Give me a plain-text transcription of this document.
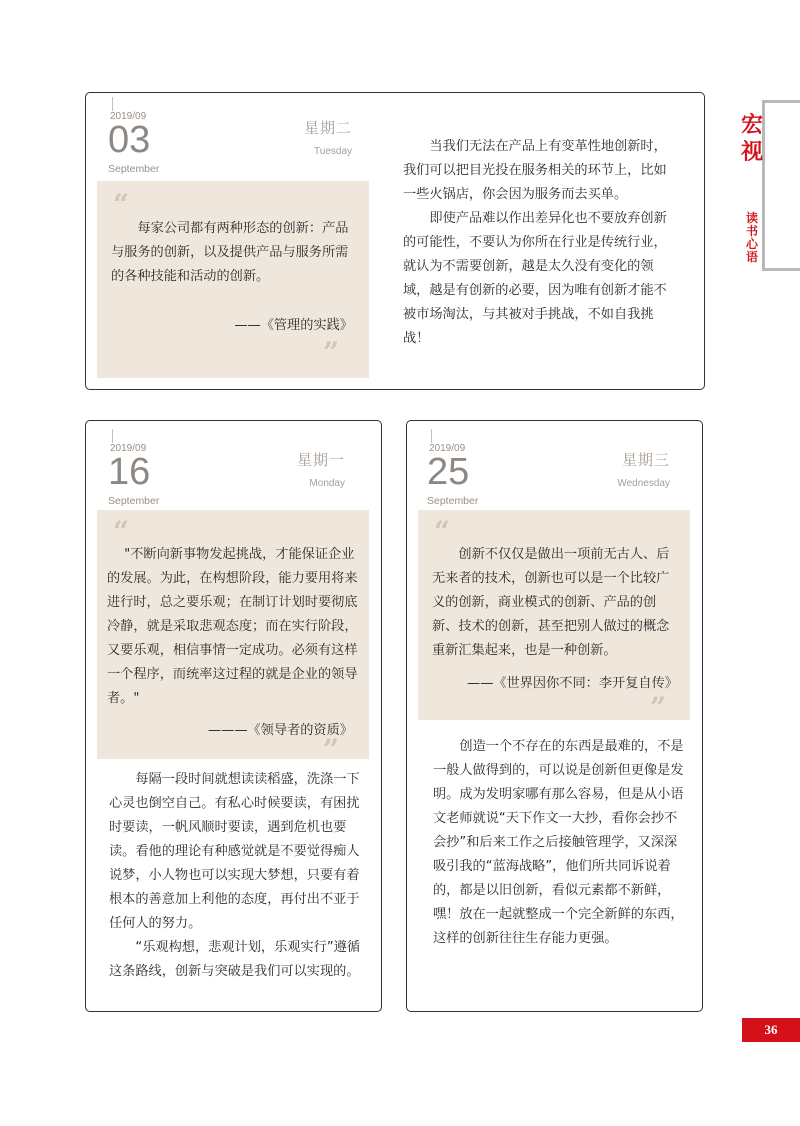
2019/09
03
September
星期二
Tuesday
“
每家公司都有两种形态的创新：产品与服务的创新，以及提供产品与服务所需的各种技能和活动的创新。
——《管理的实践》
”

当我们无法在产品上有变革性地创新时，我们可以把目光投在服务相关的环节上，比如一些火锅店，你会因为服务而去买单。

即使产品难以作出差异化也不要放弃创新的可能性，不要认为你所在行业是传统行业，就认为不需要创新，越是太久没有变化的领域，越是有创新的必要，因为唯有创新才能不被市场淘汰，与其被对手挑战，不如自我挑战！

2019/09
16
September
星期一
Monday
“
"不断向新事物发起挑战，才能保证企业的发展。为此，在构想阶段，能力要用将来进行时，总之要乐观；在制订计划时要彻底冷静，就是采取悲观态度；而在实行阶段，又要乐观，相信事情一定成功。必须有这样一个程序，而统率这过程的就是企业的领导者。"
———《领导者的资质》
”

每隔一段时间就想读读稻盛，洗涤一下心灵也倒空自己。有私心时候要读，有困扰时要读，一帆风顺时要读，遇到危机也要读。看他的理论有种感觉就是不要觉得痴人说梦，小人物也可以实现大梦想，只要有着根本的善意加上利他的态度，再付出不亚于任何人的努力。

“乐观构想，悲观计划，乐观实行”遵循这条路线，创新与突破是我们可以实现的。

2019/09
25
September
星期三
Wednesday
“
创新不仅仅是做出一项前无古人、后无来者的技术，创新也可以是一个比较广义的创新，商业模式的创新、产品的创新、技术的创新，甚至把别人做过的概念重新汇集起来，也是一种创新。
——《世界因你不同：李开复自传》
”

创造一个不存在的东西是最难的，不是一般人做得到的，可以说是创新但更像是发明。成为发明家哪有那么容易，但是从小语文老师就说“天下作文一大抄，看你会抄不会抄”和后来工作之后接触管理学，又深深吸引我的“蓝海战略”，他们所共同诉说着的，都是以旧创新，看似元素都不新鲜，嘿！放在一起就整成一个完全新鲜的东西，这样的创新往往生存能力更强。

宏
视
读书心语
36
